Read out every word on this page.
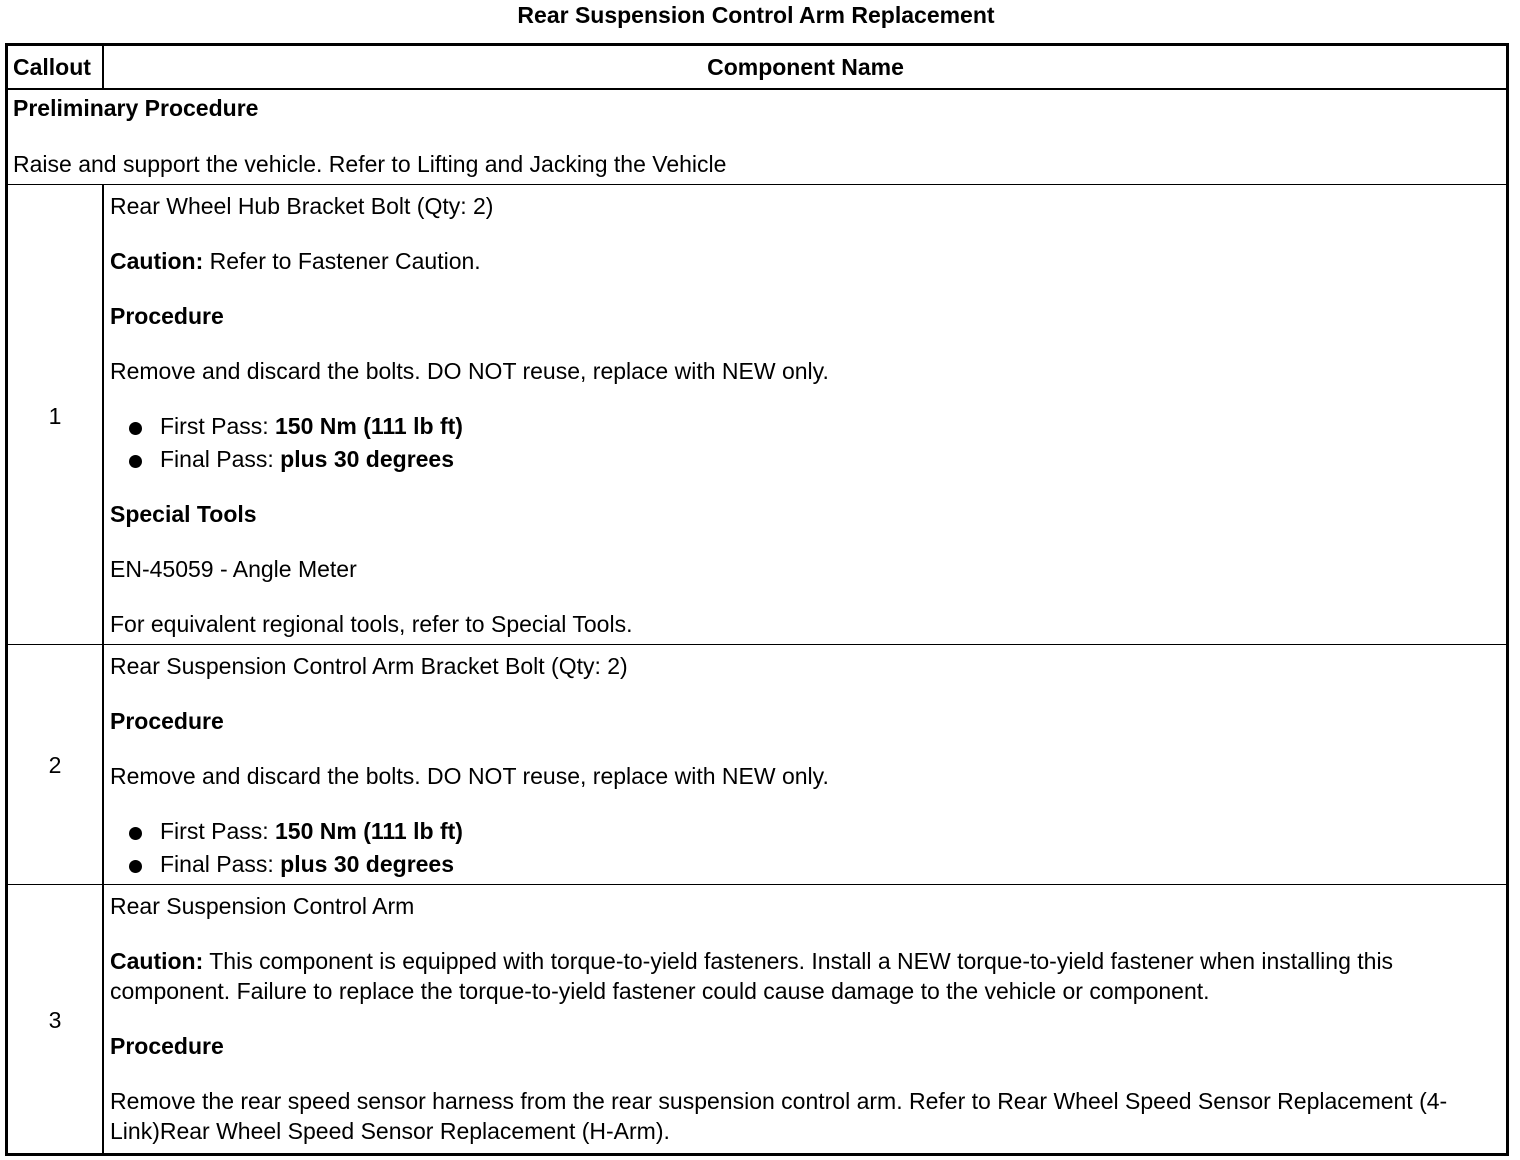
Rear Suspension Control Arm Replacement
Callout	Component Name
Preliminary Procedure
Raise and support the vehicle. Refer to Lifting and Jacking the Vehicle
1
Rear Wheel Hub Bracket Bolt (Qty: 2)
Caution: Refer to Fastener Caution.
Procedure
Remove and discard the bolts. DO NOT reuse, replace with NEW only.
First Pass: 150 Nm (111 lb ft)
Final Pass: plus 30 degrees
Special Tools
EN-45059 - Angle Meter
For equivalent regional tools, refer to Special Tools.
2
Rear Suspension Control Arm Bracket Bolt (Qty: 2)
Procedure
Remove and discard the bolts. DO NOT reuse, replace with NEW only.
First Pass: 150 Nm (111 lb ft)
Final Pass: plus 30 degrees
3
Rear Suspension Control Arm
Caution: This component is equipped with torque-to-yield fasteners. Install a NEW torque-to-yield fastener when installing this component. Failure to replace the torque-to-yield fastener could cause damage to the vehicle or component.
Procedure
Remove the rear speed sensor harness from the rear suspension control arm. Refer to Rear Wheel Speed Sensor Replacement (4-Link)Rear Wheel Speed Sensor Replacement (H-Arm).
